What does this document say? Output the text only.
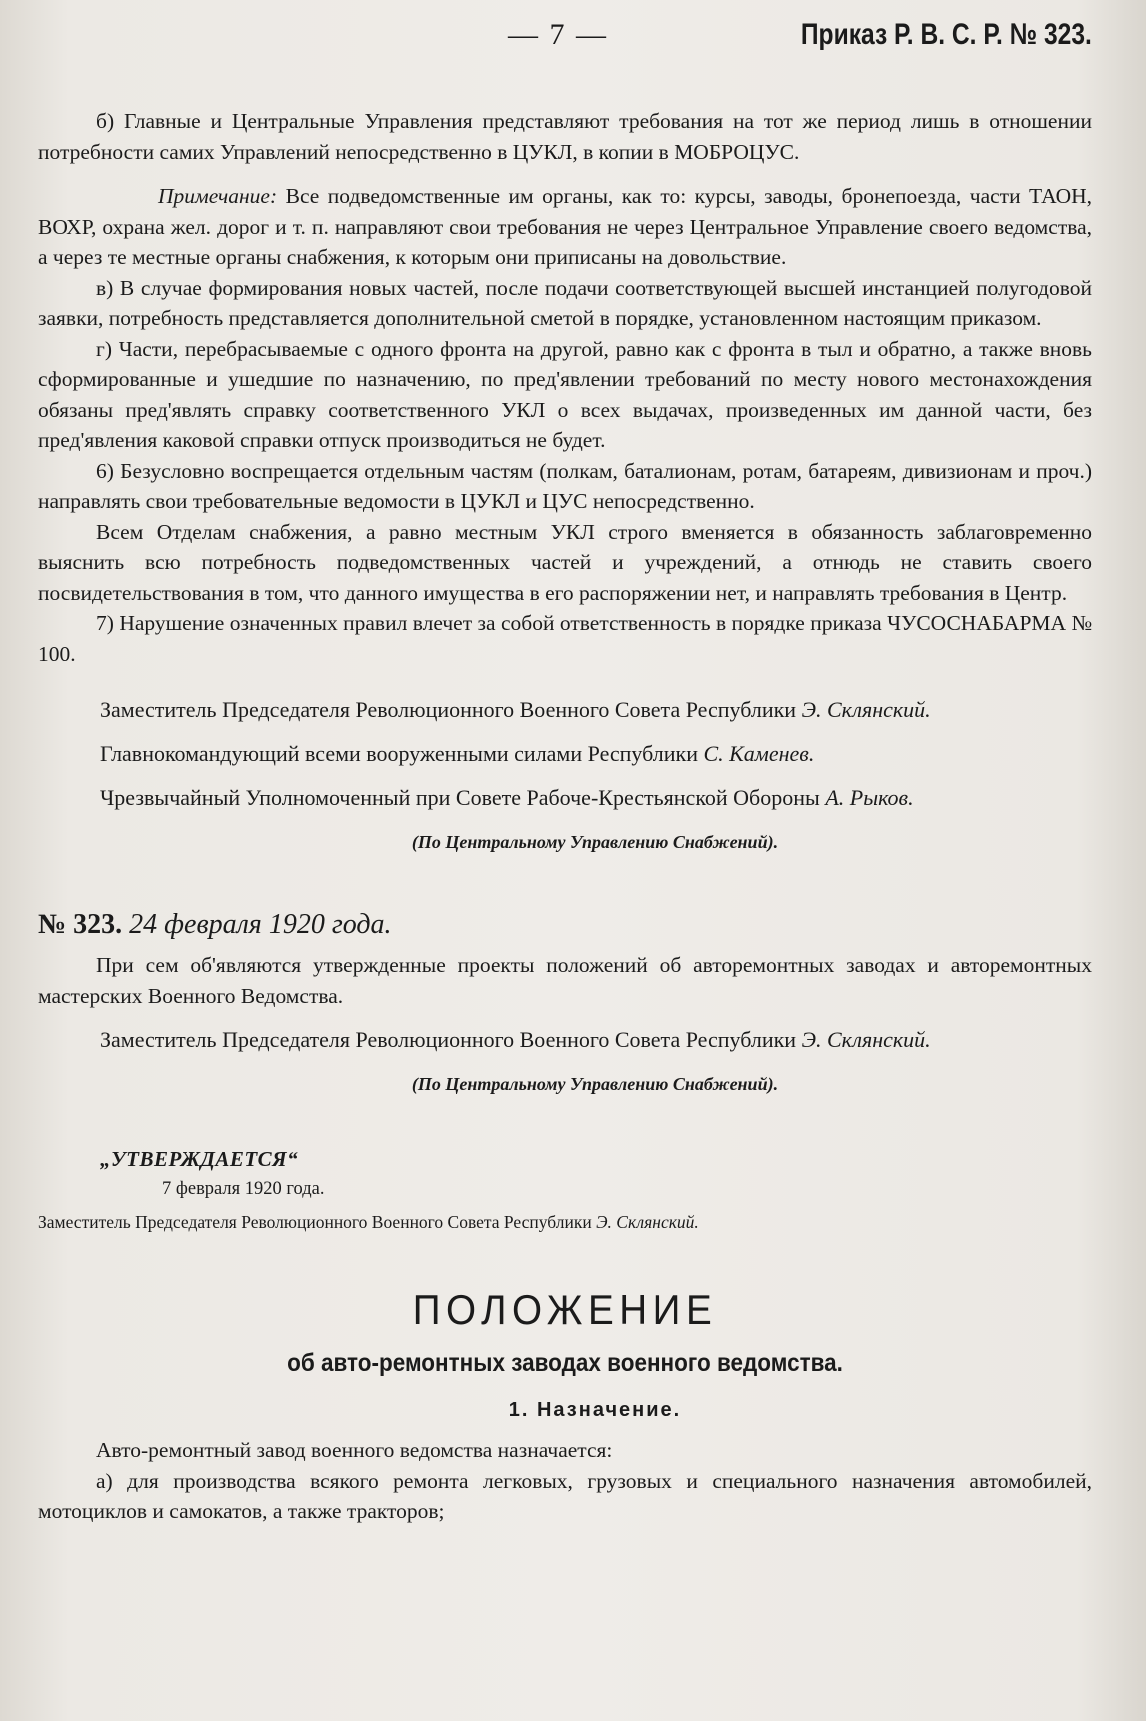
— 7 —	Приказ Р. В. С. Р. № 323.

б) Главные и Центральные Управления представляют требования на тот же период лишь в отношении потребности самих Управлений непосредственно в ЦУКЛ, в копии в МОБРОЦУС.

Примечание: Все подведомственные им органы, как то: курсы, заводы, бронепоезда, части ТАОН, ВОХР, охрана жел. дорог и т. п. направляют свои требования не через Центральное Управление своего ведомства, а через те местные органы снабжения, к которым они приписаны на довольствие.

в) В случае формирования новых частей, после подачи соответствующей высшей инстанцией полугодовой заявки, потребность представляется дополнительной сметой в порядке, установленном настоящим приказом.

г) Части, перебрасываемые с одного фронта на другой, равно как с фронта в тыл и обратно, а также вновь сформированные и ушедшие по назначению, по пред'явлении требований по месту нового местонахождения обязаны пред'являть справку соответственного УКЛ о всех выдачах, произведенных им данной части, без пред'явления каковой справки отпуск производиться не будет.

6) Безусловно воспрещается отдельным частям (полкам, баталионам, ротам, батареям, дивизионам и проч.) направлять свои требовательные ведомости в ЦУКЛ и ЦУС непосредственно.

Всем Отделам снабжения, а равно местным УКЛ строго вменяется в обязанность заблаговременно выяснить всю потребность подведомственных частей и учреждений, а отнюдь не ставить своего посвидетельствования в том, что данного имущества в его распоряжении нет, и направлять требования в Центр.

7) Нарушение означенных правил влечет за собой ответственность в порядке приказа ЧУСОСНАБАРМА № 100.

Заместитель Председателя Революционного Военного Совета Республики Э. Склянский.

Главнокомандующий всеми вооруженными силами Республики С. Каменев.

Чрезвычайный Уполномоченный при Совете Рабоче-Крестьянской Обороны А. Рыков.

(По Центральному Управлению Снабжений).

№ 323. 24 февраля 1920 года.

При сем об'являются утвержденные проекты положений об авторемонтных заводах и авторемонтных мастерских Военного Ведомства.

Заместитель Председателя Революционного Военного Совета Республики Э. Склянский.

(По Центральному Управлению Снабжений).

„УТВЕРЖДАЕТСЯ“

7 февраля 1920 года.

Заместитель Председателя Революционного Военного Совета Республики Э. Склянский.

ПОЛОЖЕНИЕ

об авто-ремонтных заводах военного ведомства.

1. Назначение.

Авто-ремонтный завод военного ведомства назначается:

а) для производства всякого ремонта легковых, грузовых и специального назначения автомобилей, мотоциклов и самокатов, а также тракторов;
